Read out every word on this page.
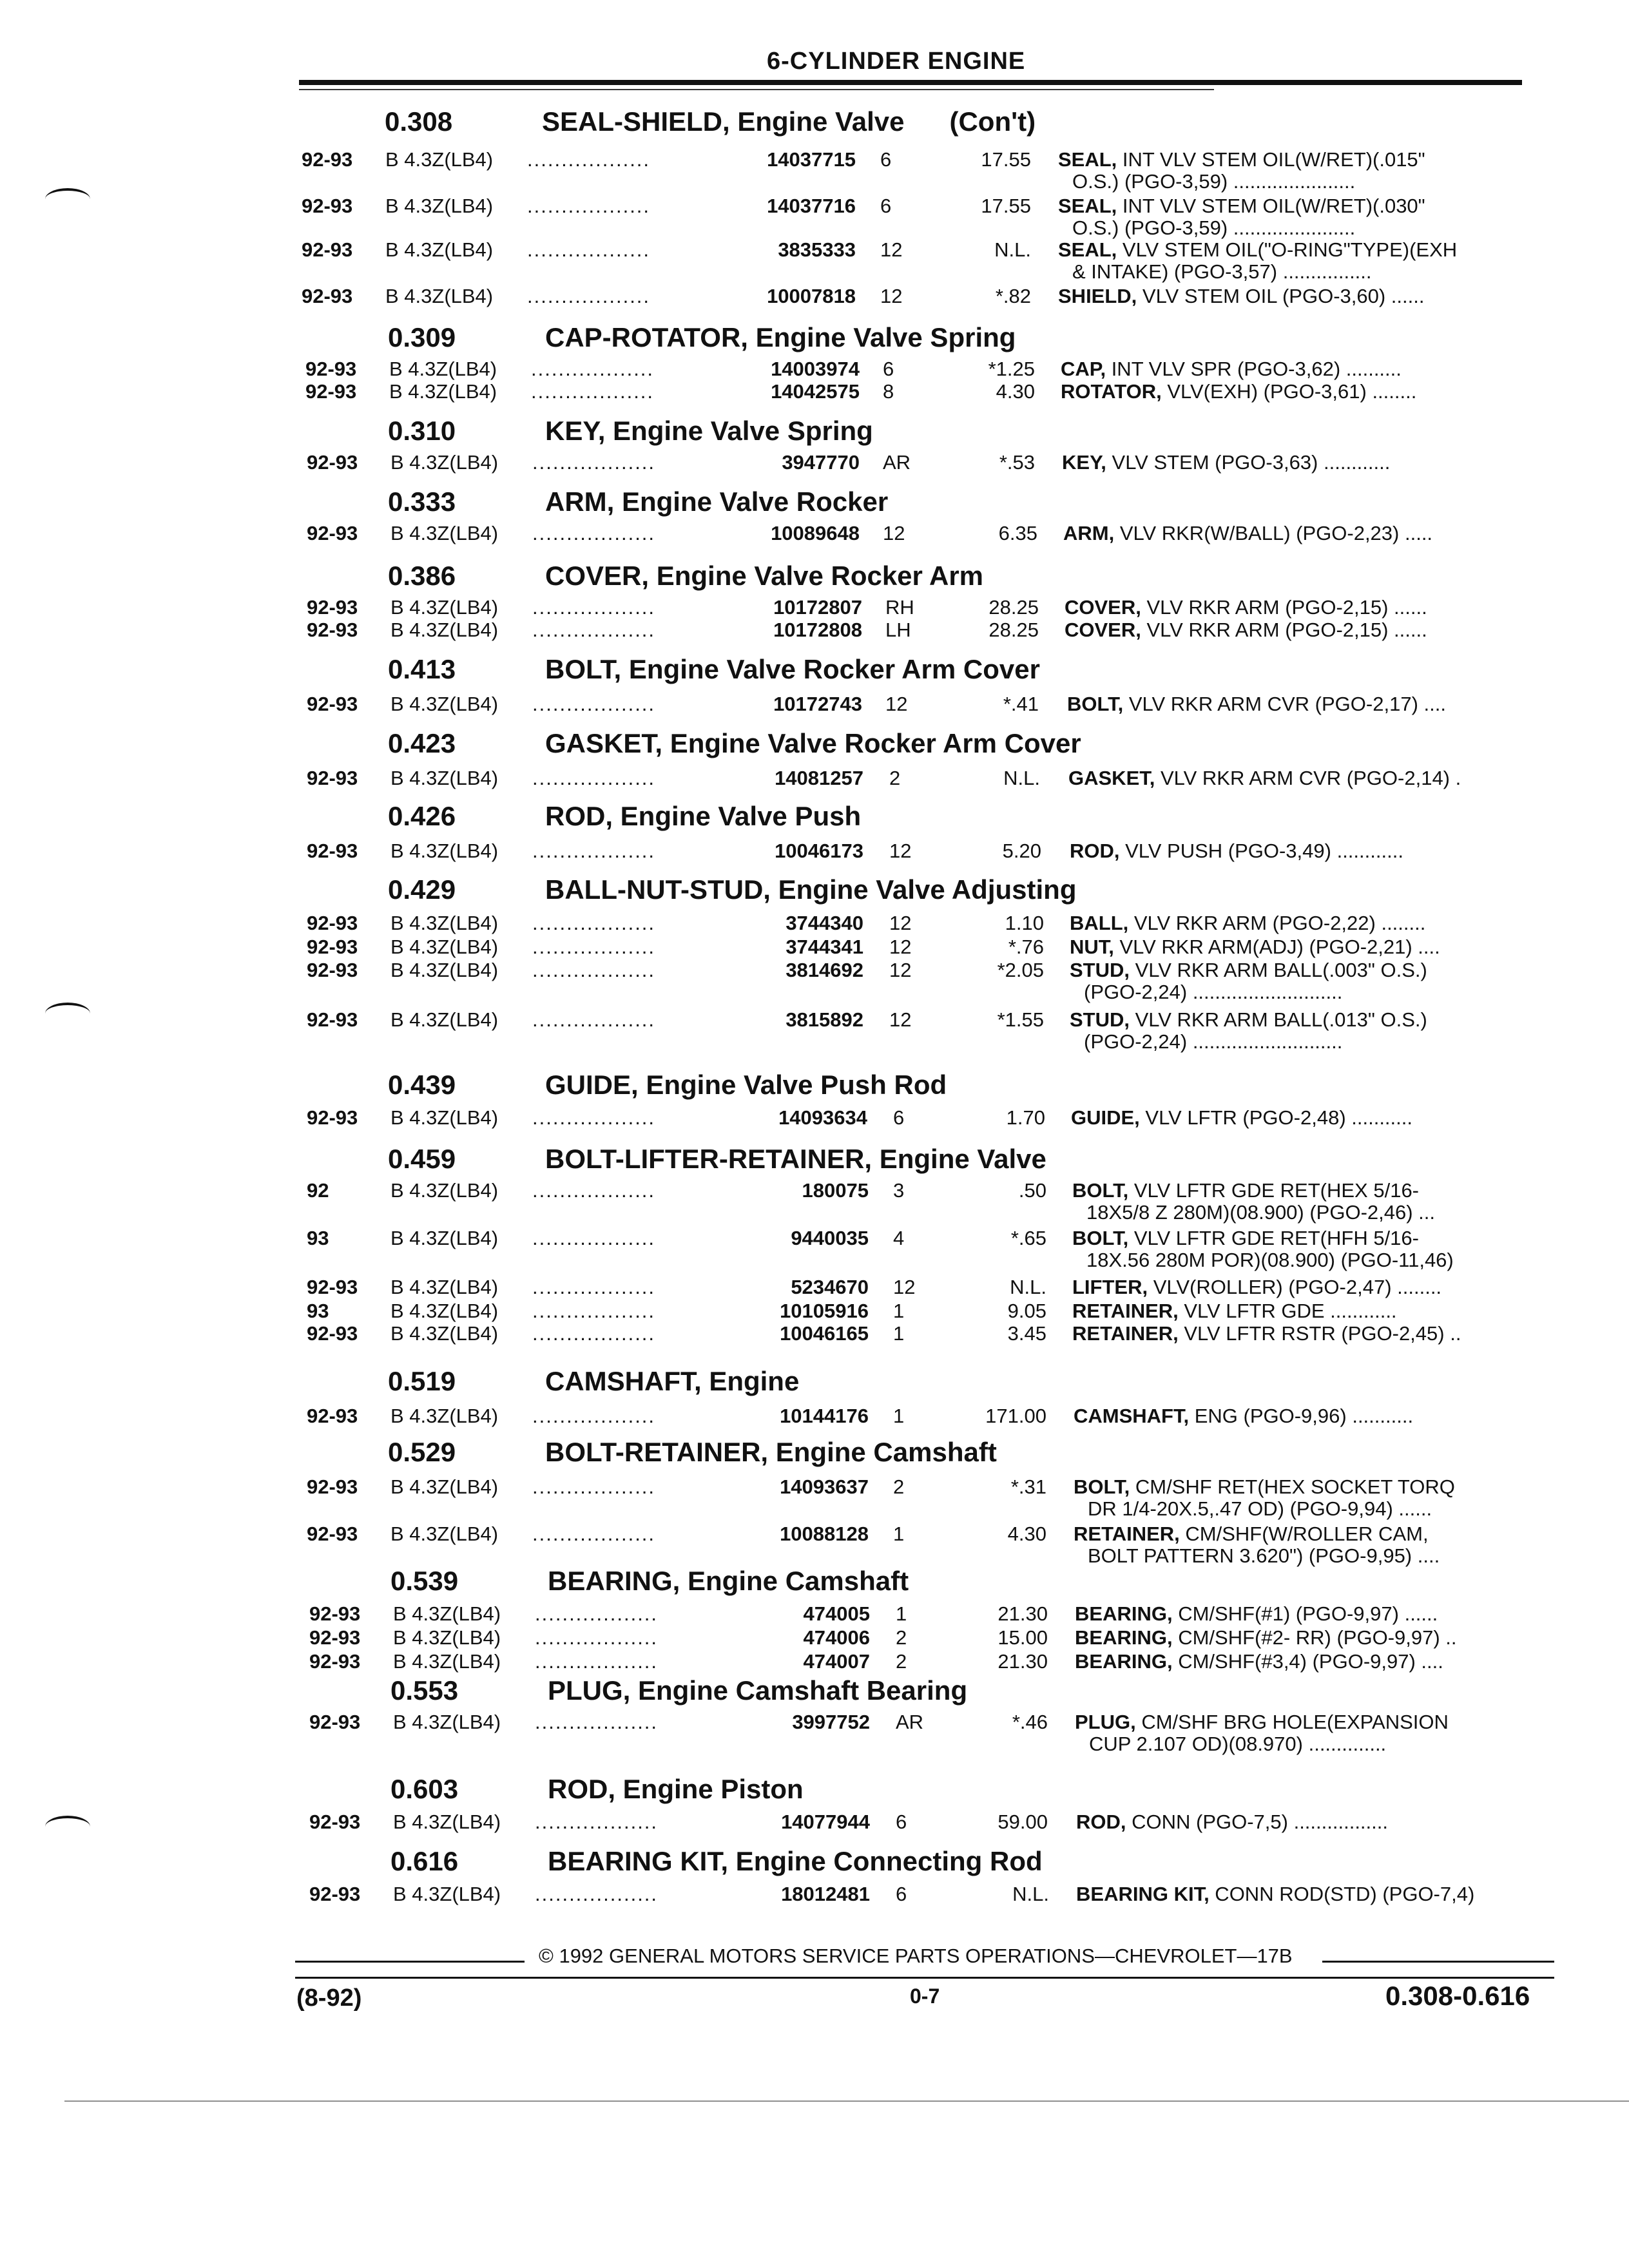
6-CYLINDER ENGINE
0.308	SEAL-SHIELD, Engine Valve (Con't)
92-93 B 4.3Z(LB4) ..................	14037715 6	17.55 SEAL, INT VLV STEM OIL(W/RET)(.015"
O.S.) (PGO-3,59) ......................
92-93 B 4.3Z(LB4) ..................	14037716 6	17.55 SEAL, INT VLV STEM OIL(W/RET)(.030"
O.S.) (PGO-3,59) ......................
92-93 B 4.3Z(LB4) ..................	3835333 12	N.L. SEAL, VLV STEM OIL("O-RING"TYPE)(EXH
& INTAKE) (PGO-3,57) ................
92-93 B 4.3Z(LB4) ..................	10007818 12	*.82 SHIELD, VLV STEM OIL (PGO-3,60) ......
0.309	CAP-ROTATOR, Engine Valve Spring
92-93 B 4.3Z(LB4) ..................	14003974 6	*1.25 CAP, INT VLV SPR (PGO-3,62) ..........
92-93 B 4.3Z(LB4) ..................	14042575 8	4.30 ROTATOR, VLV(EXH) (PGO-3,61) ........
0.310	KEY, Engine Valve Spring
92-93 B 4.3Z(LB4) ..................	3947770 AR	*.53 KEY, VLV STEM (PGO-3,63) ............
0.333	ARM, Engine Valve Rocker
92-93 B 4.3Z(LB4) ..................	10089648 12	6.35 ARM, VLV RKR(W/BALL) (PGO-2,23) .....
0.386	COVER, Engine Valve Rocker Arm
92-93 B 4.3Z(LB4) ..................	10172807 RH	28.25 COVER, VLV RKR ARM (PGO-2,15) ......
92-93 B 4.3Z(LB4) ..................	10172808 LH	28.25 COVER, VLV RKR ARM (PGO-2,15) ......
0.413	BOLT, Engine Valve Rocker Arm Cover
92-93 B 4.3Z(LB4) ..................	10172743 12	*.41 BOLT, VLV RKR ARM CVR (PGO-2,17) ....
0.423	GASKET, Engine Valve Rocker Arm Cover
92-93 B 4.3Z(LB4) ..................	14081257 2	N.L. GASKET, VLV RKR ARM CVR (PGO-2,14) .
0.426	ROD, Engine Valve Push
92-93 B 4.3Z(LB4) ..................	10046173 12	5.20 ROD, VLV PUSH (PGO-3,49) ............
0.429	BALL-NUT-STUD, Engine Valve Adjusting
92-93 B 4.3Z(LB4) ..................	3744340 12	1.10 BALL, VLV RKR ARM (PGO-2,22) ........
92-93 B 4.3Z(LB4) ..................	3744341 12	*.76 NUT, VLV RKR ARM(ADJ) (PGO-2,21) ....
92-93 B 4.3Z(LB4) ..................	3814692 12	*2.05 STUD, VLV RKR ARM BALL(.003" O.S.)
(PGO-2,24) ...........................
92-93 B 4.3Z(LB4) ..................	3815892 12	*1.55 STUD, VLV RKR ARM BALL(.013" O.S.)
(PGO-2,24) ...........................
0.439	GUIDE, Engine Valve Push Rod
92-93 B 4.3Z(LB4) ..................	14093634 6	1.70 GUIDE, VLV LFTR (PGO-2,48) ...........
0.459	BOLT-LIFTER-RETAINER, Engine Valve
92	B 4.3Z(LB4) ..................	180075 3	.50 BOLT, VLV LFTR GDE RET(HEX 5/16-
18X5/8 Z 280M)(08.900) (PGO-2,46) ...
93	B 4.3Z(LB4) ..................	9440035 4	*.65 BOLT, VLV LFTR GDE RET(HFH 5/16-
18X.56 280M POR)(08.900) (PGO-11,46)
92-93 B 4.3Z(LB4) ..................	5234670 12	N.L. LIFTER, VLV(ROLLER) (PGO-2,47) ........
93	B 4.3Z(LB4) ..................	10105916 1	9.05 RETAINER, VLV LFTR GDE ............
92-93 B 4.3Z(LB4) ..................	10046165 1	3.45 RETAINER, VLV LFTR RSTR (PGO-2,45) ..
0.519	CAMSHAFT, Engine
92-93 B 4.3Z(LB4) ..................	10144176 1	171.00 CAMSHAFT, ENG (PGO-9,96) ...........
0.529	BOLT-RETAINER, Engine Camshaft
92-93 B 4.3Z(LB4) ..................	14093637 2	*.31 BOLT, CM/SHF RET(HEX SOCKET TORQ
DR 1/4-20X.5,.47 OD) (PGO-9,94) ......
92-93 B 4.3Z(LB4) ..................	10088128 1	4.30 RETAINER, CM/SHF(W/ROLLER CAM,
BOLT PATTERN 3.620") (PGO-9,95) ....
0.539	BEARING, Engine Camshaft
92-93 B 4.3Z(LB4) ..................	474005 1	21.30 BEARING, CM/SHF(#1) (PGO-9,97) ......
92-93 B 4.3Z(LB4) ..................	474006 2	15.00 BEARING, CM/SHF(#2- RR) (PGO-9,97) ..
92-93 B 4.3Z(LB4) ..................	474007 2	21.30 BEARING, CM/SHF(#3,4) (PGO-9,97) ....
0.553	PLUG, Engine Camshaft Bearing
92-93 B 4.3Z(LB4) ..................	3997752 AR	*.46 PLUG, CM/SHF BRG HOLE(EXPANSION
CUP 2.107 OD)(08.970) ..............
0.603	ROD, Engine Piston
92-93 B 4.3Z(LB4) ..................	14077944 6	59.00 ROD, CONN (PGO-7,5) .................
0.616	BEARING KIT, Engine Connecting Rod
92-93 B 4.3Z(LB4) ..................	18012481 6	N.L. BEARING KIT, CONN ROD(STD) (PGO-7,4)
© 1992 GENERAL MOTORS SERVICE PARTS OPERATIONS—CHEVROLET—17B
(8-92)	0-7	0.308-0.616
